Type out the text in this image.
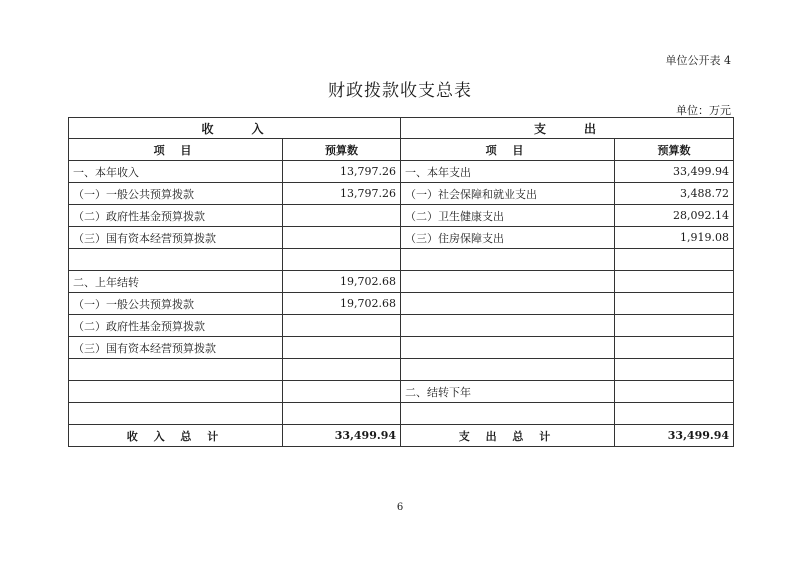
单位公开表 4
财政拨款收支总表
单位：万元
收入		支出	
项 目	预算数	项 目	预算数
一、本年收入	13,797.26	一、本年支出	33,499.94
（一）一般公共预算拨款	13,797.26	（一）社会保障和就业支出	3,488.72
（二）政府性基金预算拨款		（二）卫生健康支出	28,092.14
（三）国有资本经营预算拨款		（三）住房保障支出	1,919.08

二、上年结转	19,702.68		
（一）一般公共预算拨款	19,702.68		
（二）政府性基金预算拨款			
（三）国有资本经营预算拨款			

		二、结转下年	

收 入 总 计	33,499.94	支 出 总 计	33,499.94
6
